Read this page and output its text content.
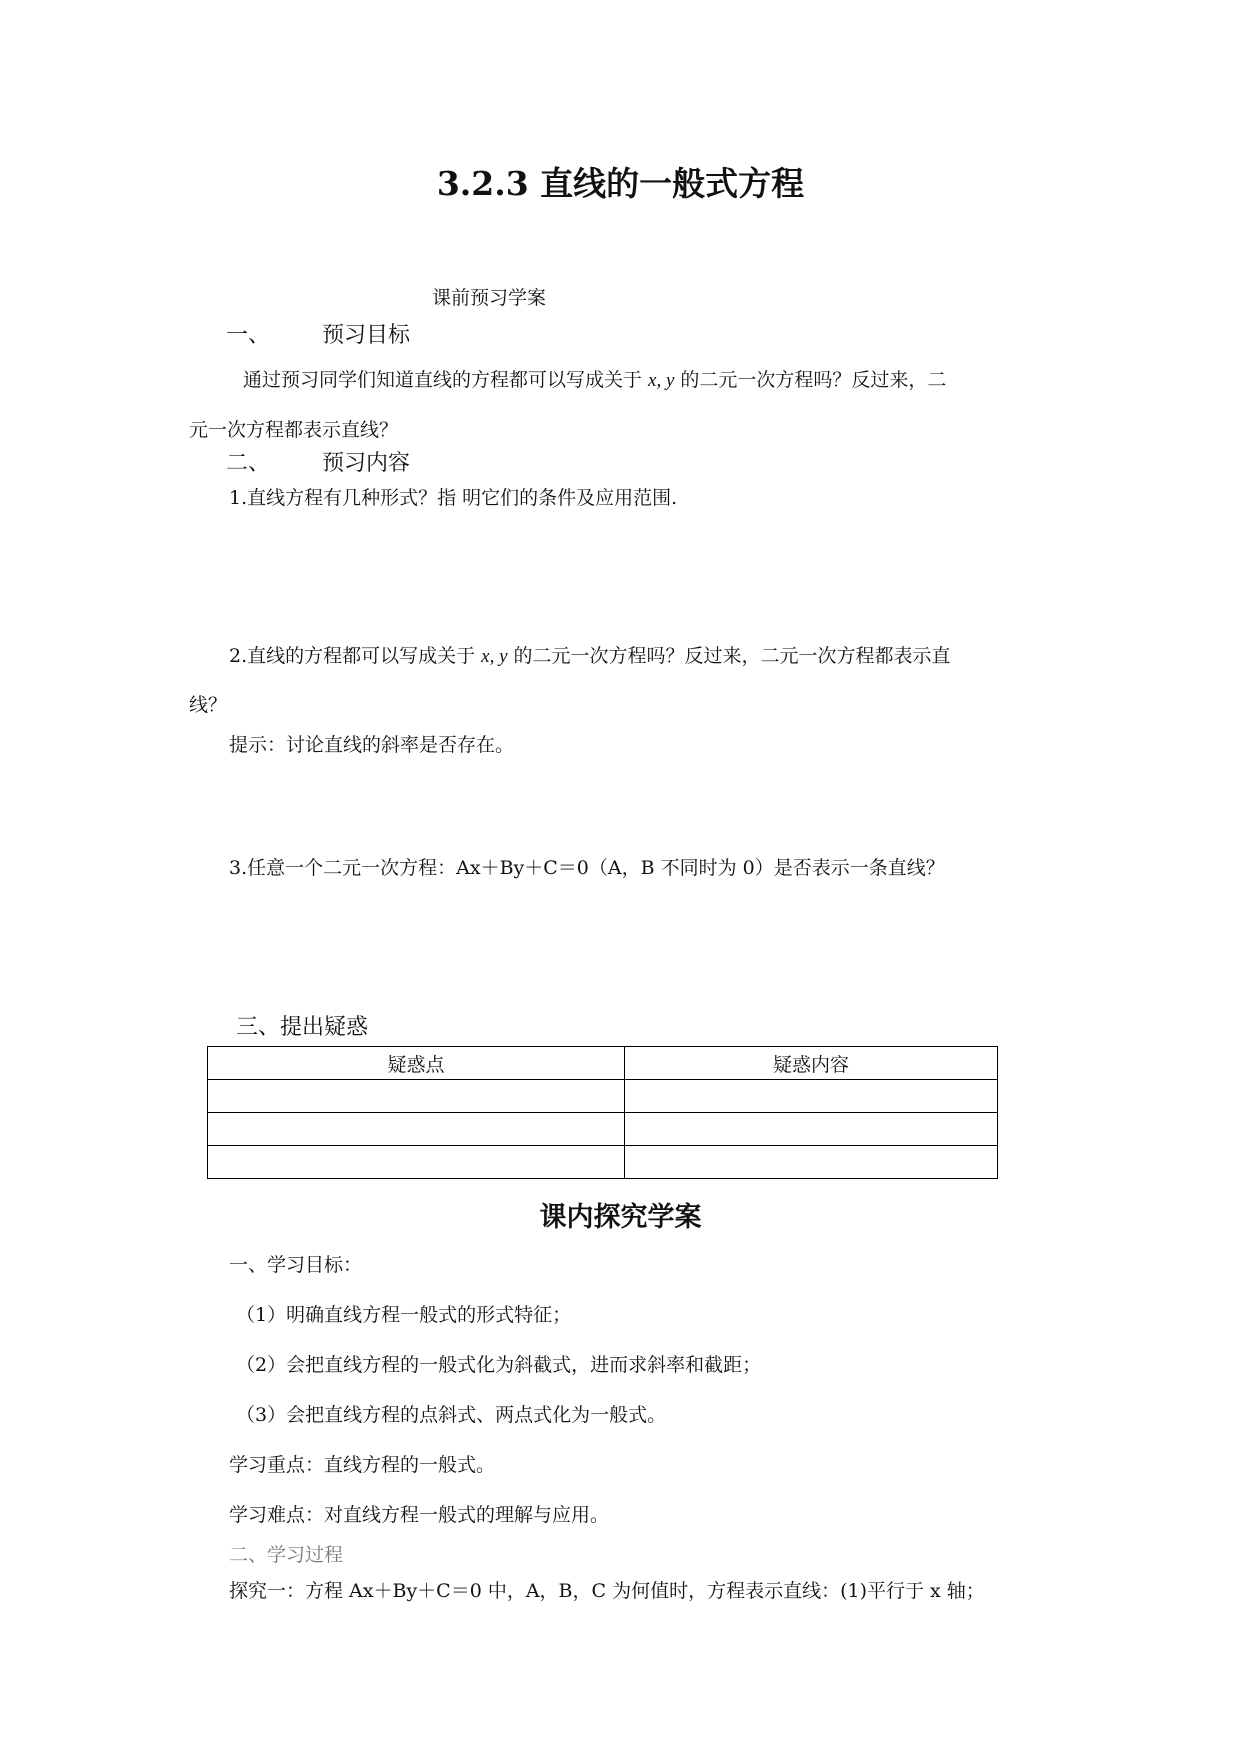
3.2.3 直线的一般式方程
课前预习学案
一、 预习目标
通过预习同学们知道直线的方程都可以写成关于 x, y 的二元一次方程吗？反过来，二
元一次方程都表示直线？
二、 预习内容
1.直线方程有几种形式？指 明它们的条件及应用范围.
2.直线的方程都可以写成关于 x, y 的二元一次方程吗？反过来，二元一次方程都表示直
线？
提示：讨论直线的斜率是否存在。
3.任意一个二元一次方程：Ax＋By＋C＝0（A，B 不同时为 0）是否表示一条直线？
三、提出疑惑
疑惑点	疑惑内容

课内探究学案
一、学习目标：
（1）明确直线方程一般式的形式特征；
（2）会把直线方程的一般式化为斜截式，进而求斜率和截距；
（3）会把直线方程的点斜式、两点式化为一般式。
学习重点：直线方程的一般式。
学习难点：对直线方程一般式的理解与应用。
二、学习过程
探究一：方程 Ax＋By＋C＝0 中，A，B，C 为何值时，方程表示直线：(1)平行于 x 轴；
